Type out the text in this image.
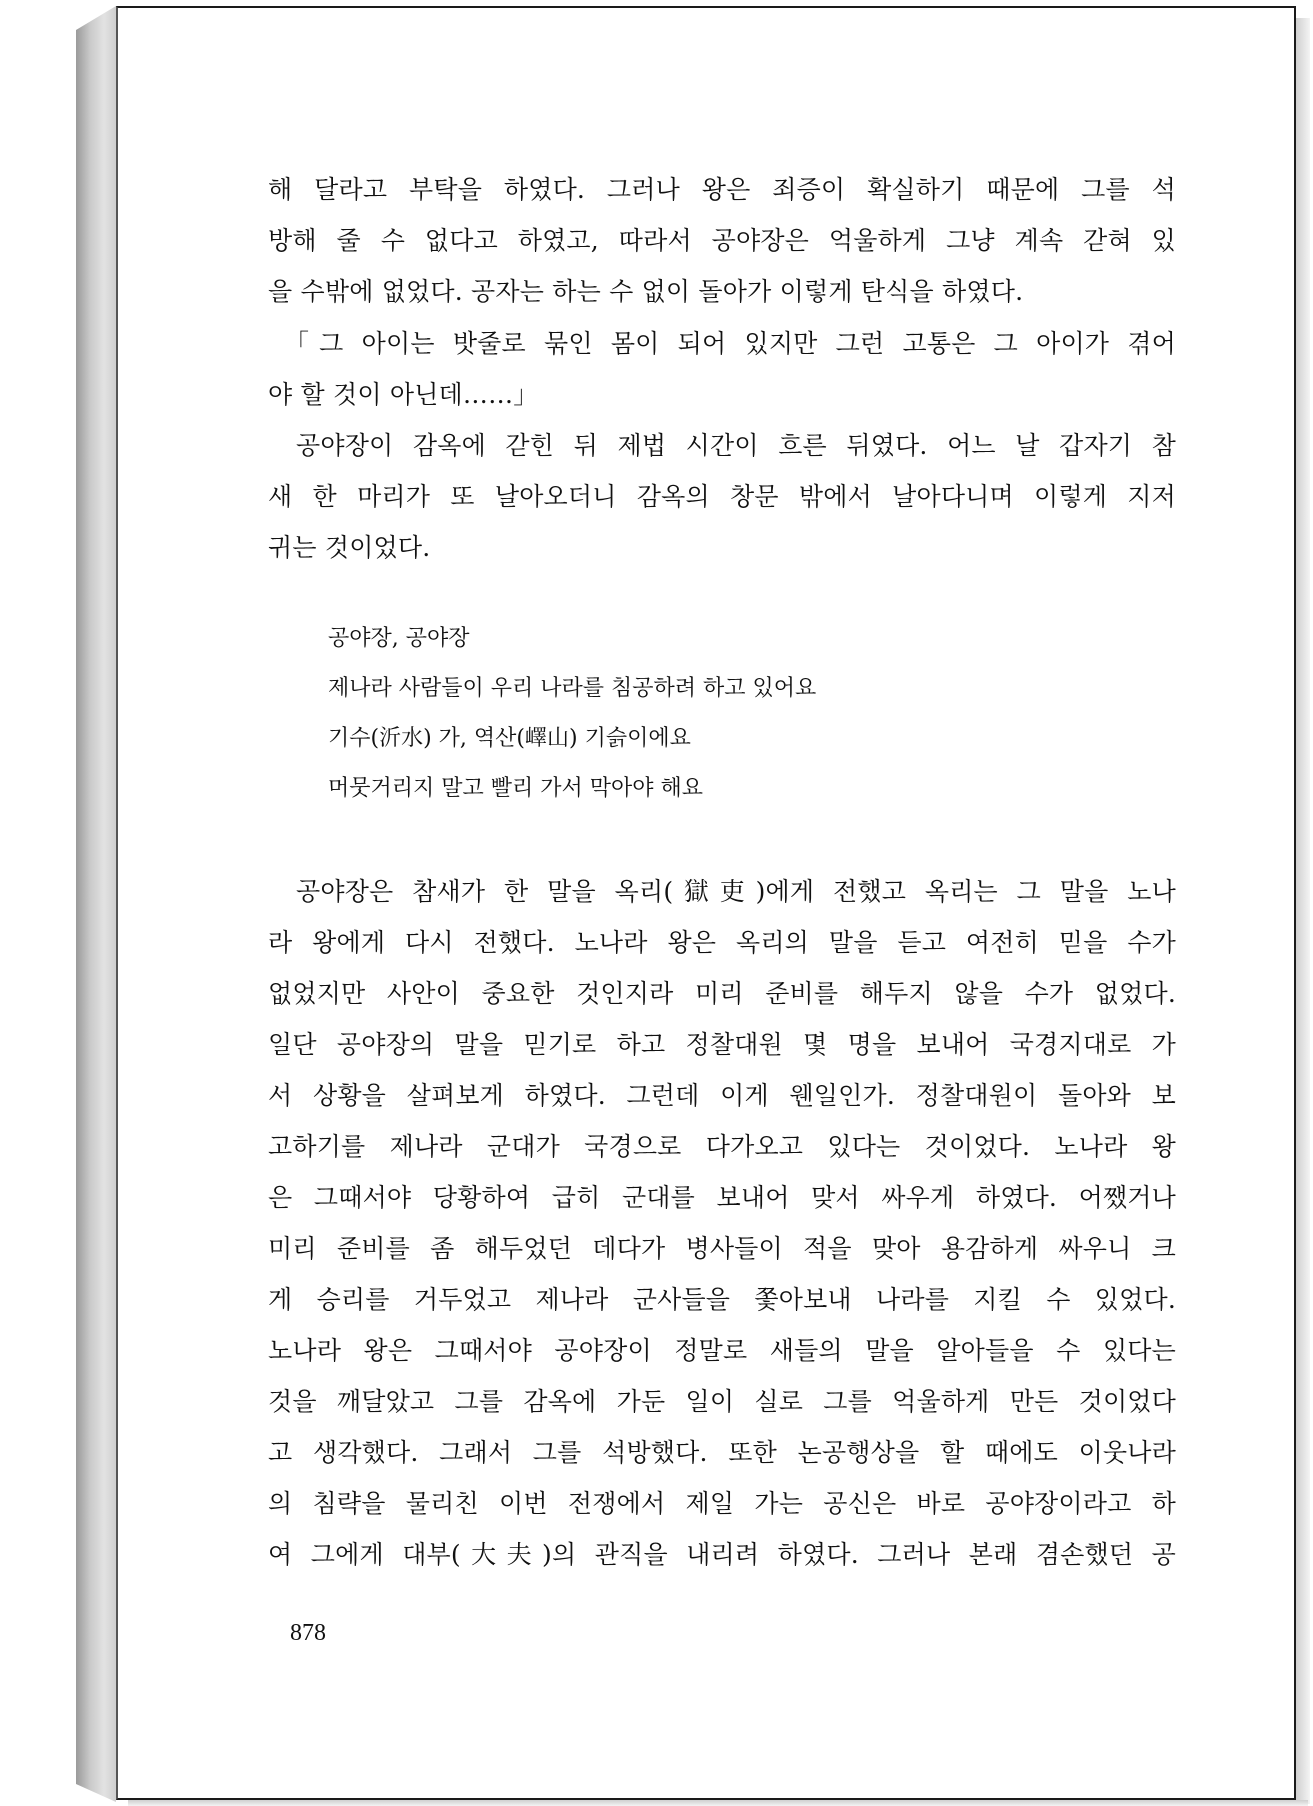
해 달라고 부탁을 하였다. 그러나 왕은 죄증이 확실하기 때문에 그를 석
방해 줄 수 없다고 하였고, 따라서 공야장은 억울하게 그냥 계속 갇혀 있
을 수밖에 없었다. 공자는 하는 수 없이 돌아가 이렇게 탄식을 하였다.
「그 아이는 밧줄로 묶인 몸이 되어 있지만 그런 고통은 그 아이가 겪어
야 할 것이 아닌데……」
공야장이 감옥에 갇힌 뒤 제법 시간이 흐른 뒤였다. 어느 날 갑자기 참
새 한 마리가 또 날아오더니 감옥의 창문 밖에서 날아다니며 이렇게 지저
귀는 것이었다.
공야장, 공야장
제나라 사람들이 우리 나라를 침공하려 하고 있어요
기수(沂水) 가, 역산(嶧山) 기슭이에요
머뭇거리지 말고 빨리 가서 막아야 해요
공야장은 참새가 한 말을 옥리(獄吏)에게 전했고 옥리는 그 말을 노나
라 왕에게 다시 전했다. 노나라 왕은 옥리의 말을 듣고 여전히 믿을 수가
없었지만 사안이 중요한 것인지라 미리 준비를 해두지 않을 수가 없었다.
일단 공야장의 말을 믿기로 하고 정찰대원 몇 명을 보내어 국경지대로 가
서 상황을 살펴보게 하였다. 그런데 이게 웬일인가. 정찰대원이 돌아와 보
고하기를 제나라 군대가 국경으로 다가오고 있다는 것이었다. 노나라 왕
은 그때서야 당황하여 급히 군대를 보내어 맞서 싸우게 하였다. 어쨌거나
미리 준비를 좀 해두었던 데다가 병사들이 적을 맞아 용감하게 싸우니 크
게 승리를 거두었고 제나라 군사들을 쫓아보내 나라를 지킬 수 있었다.
노나라 왕은 그때서야 공야장이 정말로 새들의 말을 알아들을 수 있다는
것을 깨달았고 그를 감옥에 가둔 일이 실로 그를 억울하게 만든 것이었다
고 생각했다. 그래서 그를 석방했다. 또한 논공행상을 할 때에도 이웃나라
의 침략을 물리친 이번 전쟁에서 제일 가는 공신은 바로 공야장이라고 하
여 그에게 대부(大夫)의 관직을 내리려 하였다. 그러나 본래 겸손했던 공
878
